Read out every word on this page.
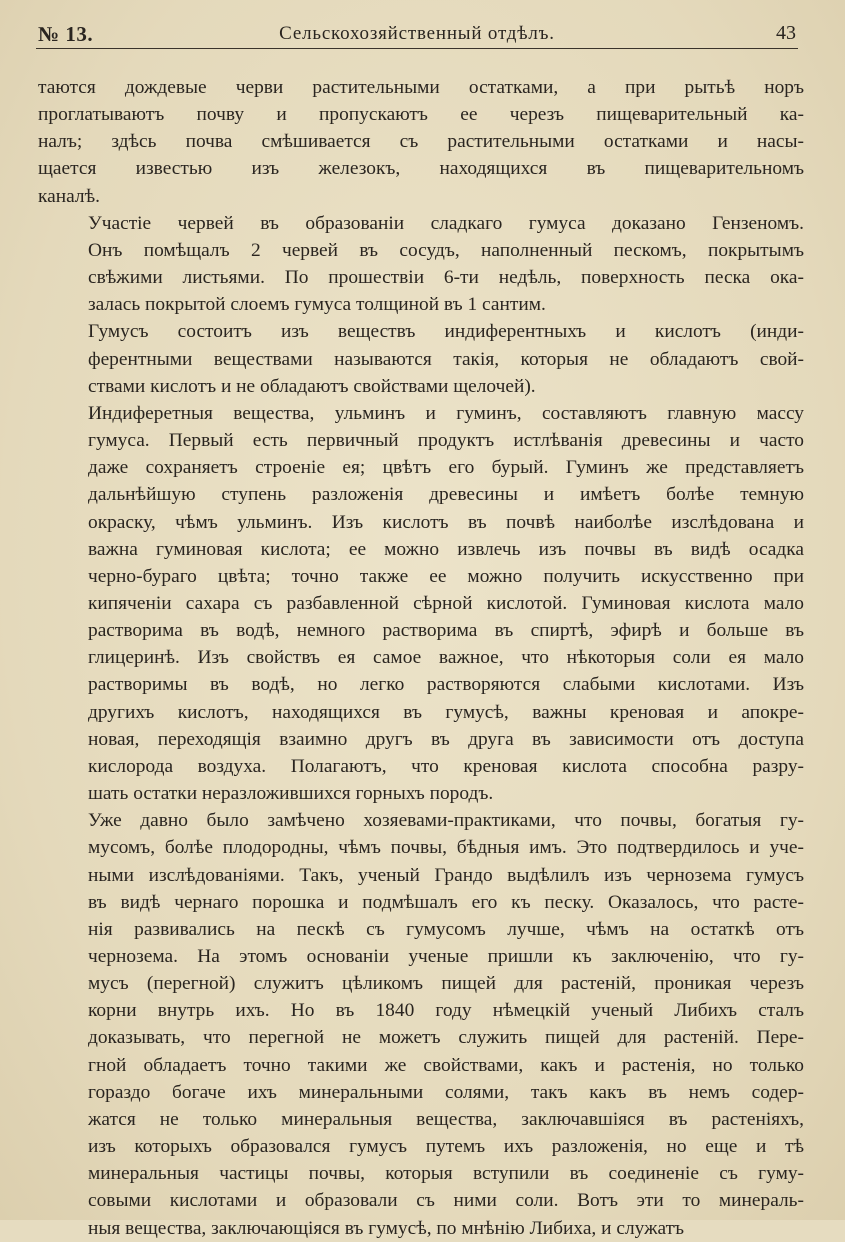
№ 13.	Сельскохозяйственный отдѣлъ.	43
таются дождевые черви растительными остатками, а при рытьѣ норъ
проглатываютъ почву и пропускаютъ ее черезъ пищеварительный ка-
налъ; здѣсь почва смѣшивается съ растительными остатками и насы-
щается известью изъ железокъ, находящихся въ пищеварительномъ
каналѣ.
Участіе червей въ образованіи сладкаго гумуса доказано Гензеномъ.
Онъ помѣщалъ 2 червей въ сосудъ, наполненный пескомъ, покрытымъ
свѣжими листьями. По прошествіи 6-ти недѣль, поверхность песка ока-
залась покрытой слоемъ гумуса толщиной въ 1 сантим.
Гумусъ состоитъ изъ веществъ индиферентныхъ и кислотъ (инди-
ферентными веществами называются такія, которыя не обладаютъ свой-
ствами кислотъ и не обладаютъ свойствами щелочей).
Индиферетныя вещества, ульминъ и гуминъ, составляютъ главную массу
гумуса. Первый есть первичный продуктъ истлѣванія древесины и часто
даже сохраняетъ строеніе ея; цвѣтъ его бурый. Гуминъ же представляетъ
дальнѣйшую ступень разложенія древесины и имѣетъ болѣе темную
окраску, чѣмъ ульминъ. Изъ кислотъ въ почвѣ наиболѣе изслѣдована и
важна гуминовая кислота; ее можно извлечь изъ почвы въ видѣ осадка
черно-бураго цвѣта; точно также ее можно получить искусственно при
кипяченіи сахара съ разбавленной сѣрной кислотой. Гуминовая кислота мало
растворима въ водѣ, немного растворима въ спиртѣ, эфирѣ и больше въ
глицеринѣ. Изъ свойствъ ея самое важное, что нѣкоторыя соли ея мало
растворимы въ водѣ, но легко растворяются слабыми кислотами. Изъ
другихъ кислотъ, находящихся въ гумусѣ, важны креновая и апокре-
новая, переходящія взаимно другъ въ друга въ зависимости отъ доступа
кислорода воздуха. Полагаютъ, что креновая кислота способна разру-
шать остатки неразложившихся горныхъ породъ.
Уже давно было замѣчено хозяевами-практиками, что почвы, богатыя гу-
мусомъ, болѣе плодородны, чѣмъ почвы, бѣдныя имъ. Это подтвердилось и уче-
ными изслѣдованіями. Такъ, ученый Грандо выдѣлилъ изъ чернозема гумусъ
въ видѣ чернаго порошка и подмѣшалъ его къ песку. Оказалось, что расте-
нія развивались на пескѣ съ гумусомъ лучше, чѣмъ на остаткѣ отъ
чернозема. На этомъ основаніи ученые пришли къ заключенію, что гу-
мусъ (перегной) служитъ цѣликомъ пищей для растеній, проникая черезъ
корни внутрь ихъ. Но въ 1840 году нѣмецкій ученый Либихъ сталъ
доказывать, что перегной не можетъ служить пищей для растеній. Пере-
гной обладаетъ точно такими же свойствами, какъ и растенія, но только
гораздо богаче ихъ минеральными солями, такъ какъ въ немъ содер-
жатся не только минеральныя вещества, заключавшіяся въ растеніяхъ,
изъ которыхъ образовался гумусъ путемъ ихъ разложенія, но еще и тѣ
минеральныя частицы почвы, которыя вступили въ соединеніе съ гуму-
совыми кислотами и образовали съ ними соли. Вотъ эти то минераль-
ныя вещества, заключающіяся въ гумусѣ, по мнѣнію Либиха, и служатъ
